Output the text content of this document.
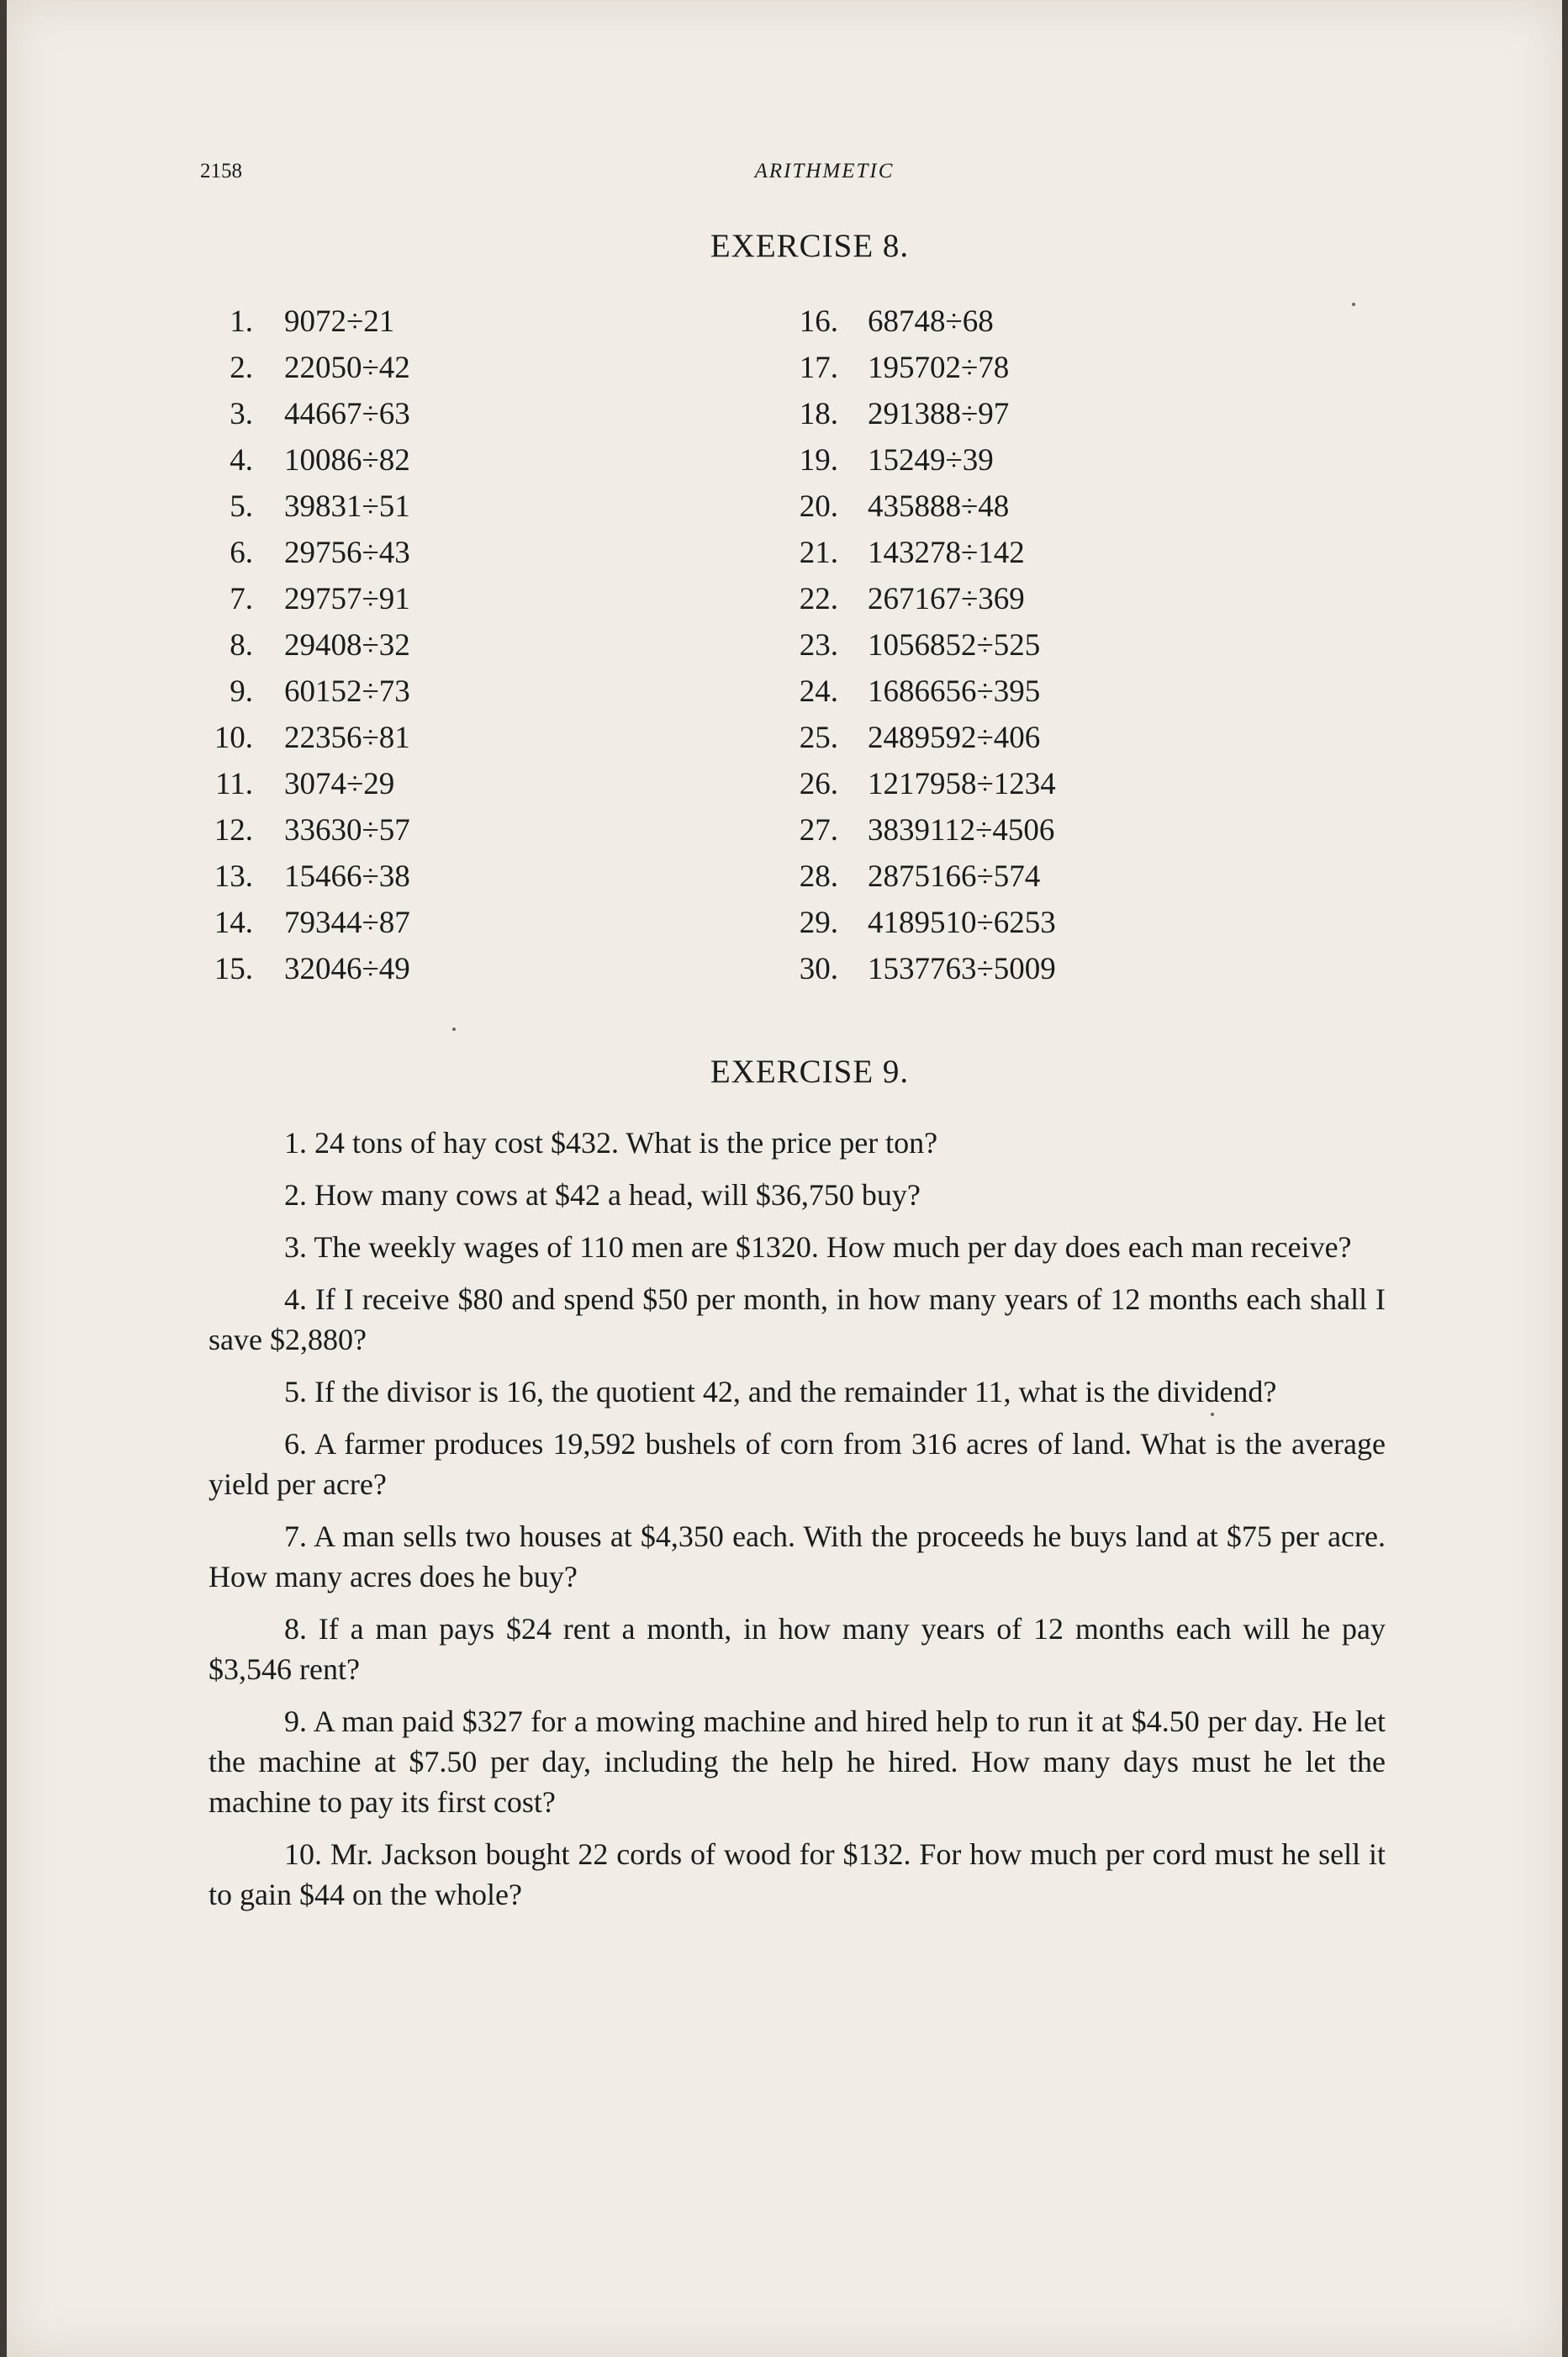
2158	ARITHMETIC
EXERCISE 8.
1.	9072÷21
2.	22050÷42
3.	44667÷63
4.	10086÷82
5.	39831÷51
6.	29756÷43
7.	29757÷91
8.	29408÷32
9.	60152÷73
10.	22356÷81
11.	3074÷29
12.	33630÷57
13.	15466÷38
14.	79344÷87
15.	32046÷49
16. 68748÷68
17. 195702÷78
18. 291388÷97
19. 15249÷39
20. 435888÷48
21. 143278÷142
22. 267167÷369
23. 1056852÷525
24. 1686656÷395
25. 2489592÷406
26. 1217958÷1234
27. 3839112÷4506
28. 2875166÷574
29. 4189510÷6253
30. 1537763÷5009
EXERCISE 9.

1. 24 tons of hay cost $432. What is the price per ton?

2. How many cows at $42 a head, will $36,750 buy?

3. The weekly wages of 110 men are $1320. How much per day does each man receive?

4. If I receive $80 and spend $50 per month, in how many years of 12 months each shall I save $2,880?

5. If the divisor is 16, the quotient 42, and the remainder 11, what is the dividend?

6. A farmer produces 19,592 bushels of corn from 316 acres of land. What is the average yield per acre?

7. A man sells two houses at $4,350 each. With the proceeds he buys land at $75 per acre. How many acres does he buy?

8. If a man pays $24 rent a month, in how many years of 12 months each will he pay $3,546 rent?

9. A man paid $327 for a mowing machine and hired help to run it at $4.50 per day. He let the machine at $7.50 per day, including the help he hired. How many days must he let the machine to pay its first cost?

10. Mr. Jackson bought 22 cords of wood for $132. For how much per cord must he sell it to gain $44 on the whole?
